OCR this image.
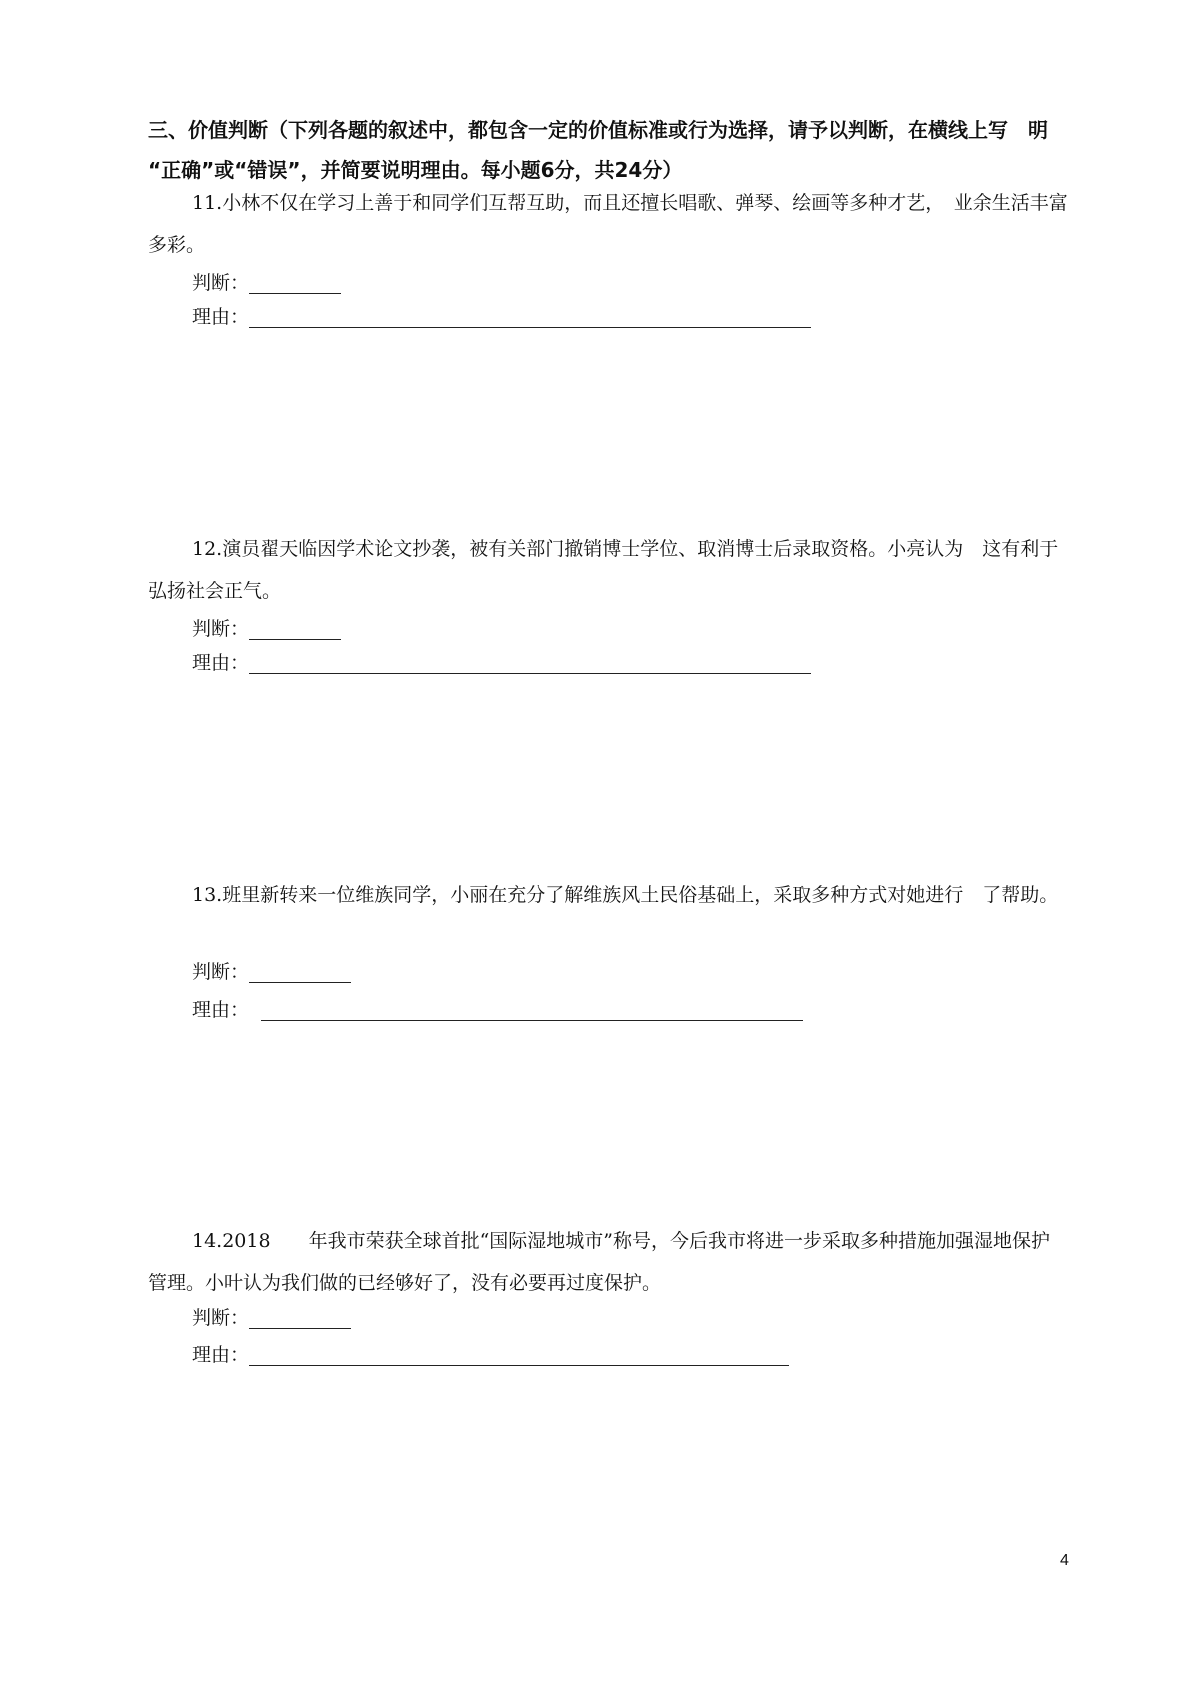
三、价值判断（下列各题的叙述中，都包含一定的价值标准或行为选择，请予以判断，在横线上写　明
“正确”或“错误”，并简要说明理由。每小题6分，共24分）

11.小林不仅在学习上善于和同学们互帮互助，而且还擅长唱歌、弹琴、绘画等多种才艺，　业余生活丰富多彩。

判断：
理由：

12.演员翟天临因学术论文抄袭，被有关部门撤销博士学位、取消博士后录取资格。小亮认为　这有利于弘扬社会正气。

判断：
理由：

13.班里新转来一位维族同学，小丽在充分了解维族风土民俗基础上，采取多种方式对她进行　了帮助。

判断：
理由：

14.2018　　年我市荣获全球首批“国际湿地城市”称号，今后我市将进一步采取多种措施加强湿地保护管理。小叶认为我们做的已经够好了，没有必要再过度保护。

判断：
理由：
4
